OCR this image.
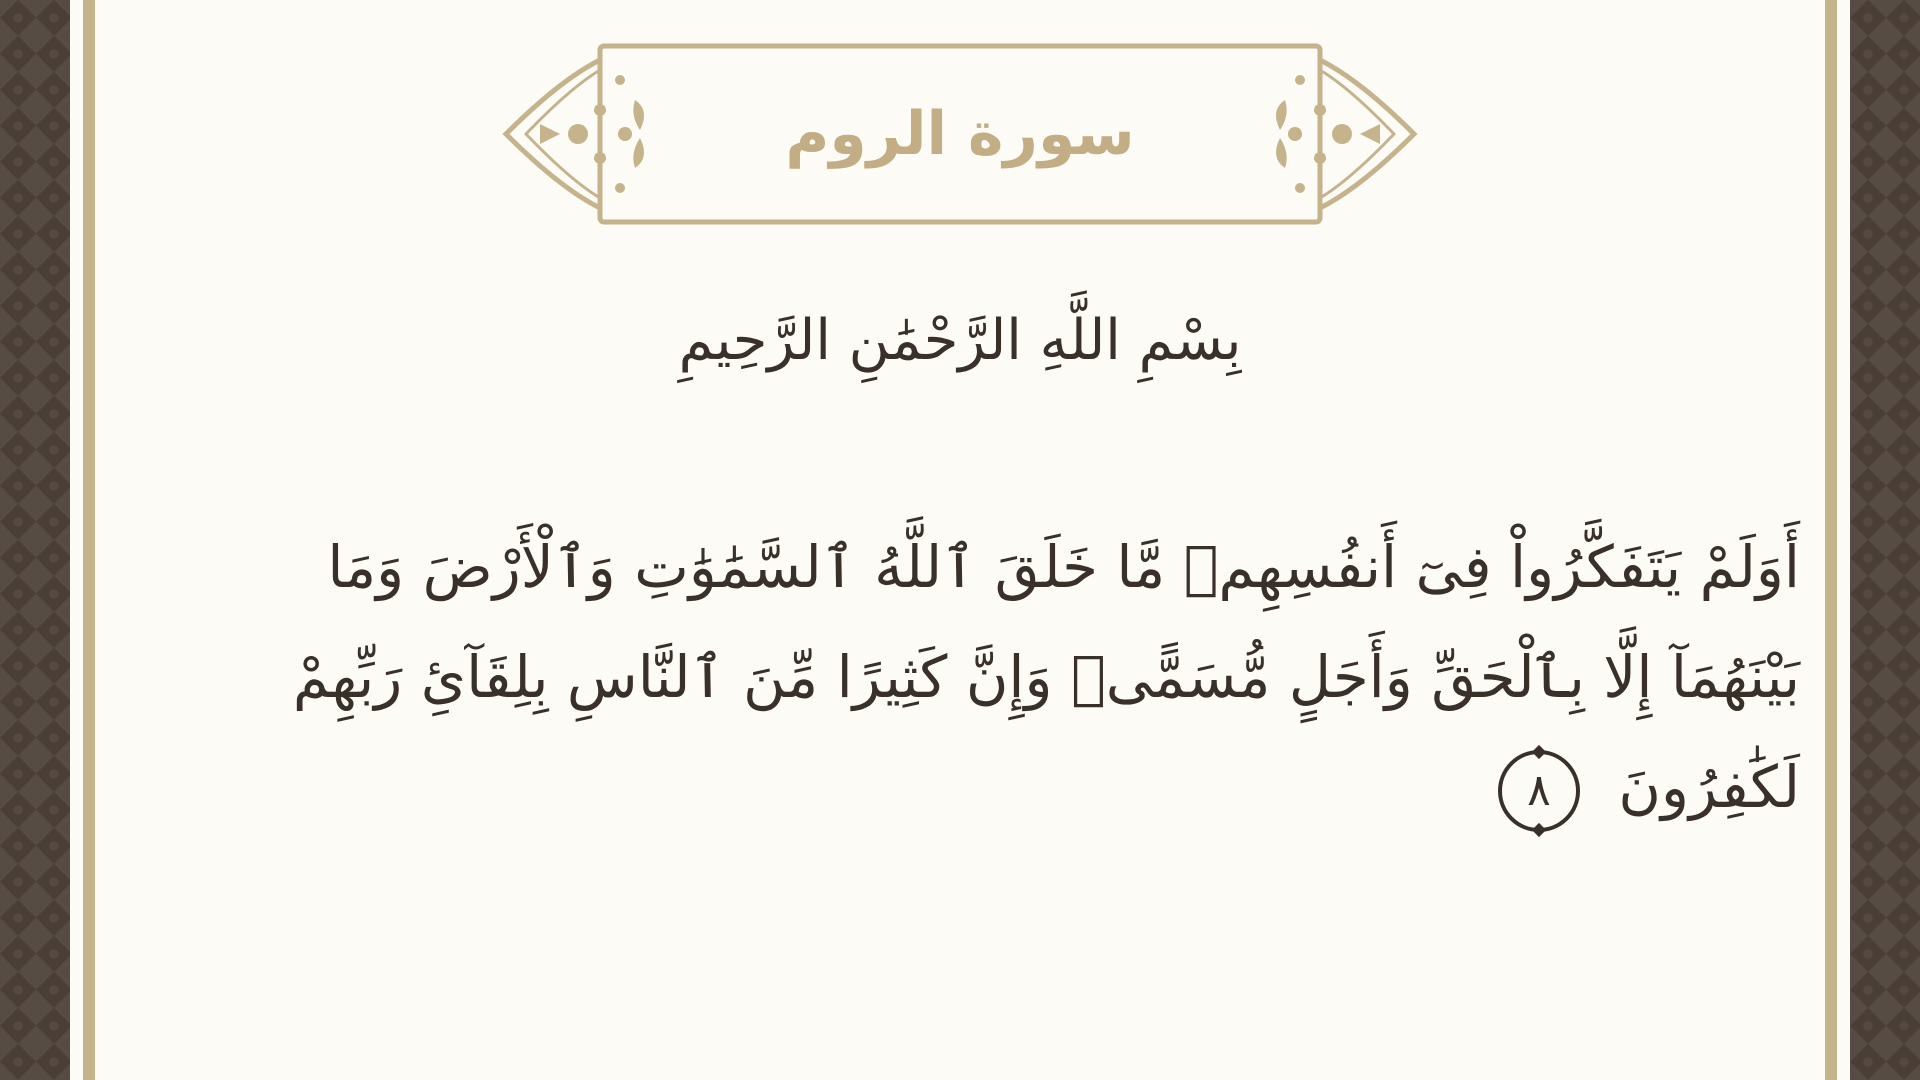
سورة الروم
بِسْمِ اللَّهِ الرَّحْمَٰنِ الرَّحِيمِ
أَوَلَمْ يَتَفَكَّرُواْ فِىٓ أَنفُسِهِمۗ مَّا خَلَقَ ٱللَّهُ ٱلسَّمَٰوَٰتِ وَٱلْأَرْضَ وَمَا بَيْنَهُمَآ إِلَّا بِٱلْحَقِّ وَأَجَلٍ مُّسَمًّىۗ وَإِنَّ كَثِيرًا مِّنَ ٱلنَّاسِ بِلِقَآئِ رَبِّهِمْ لَكَٰفِرُونَ
٨
